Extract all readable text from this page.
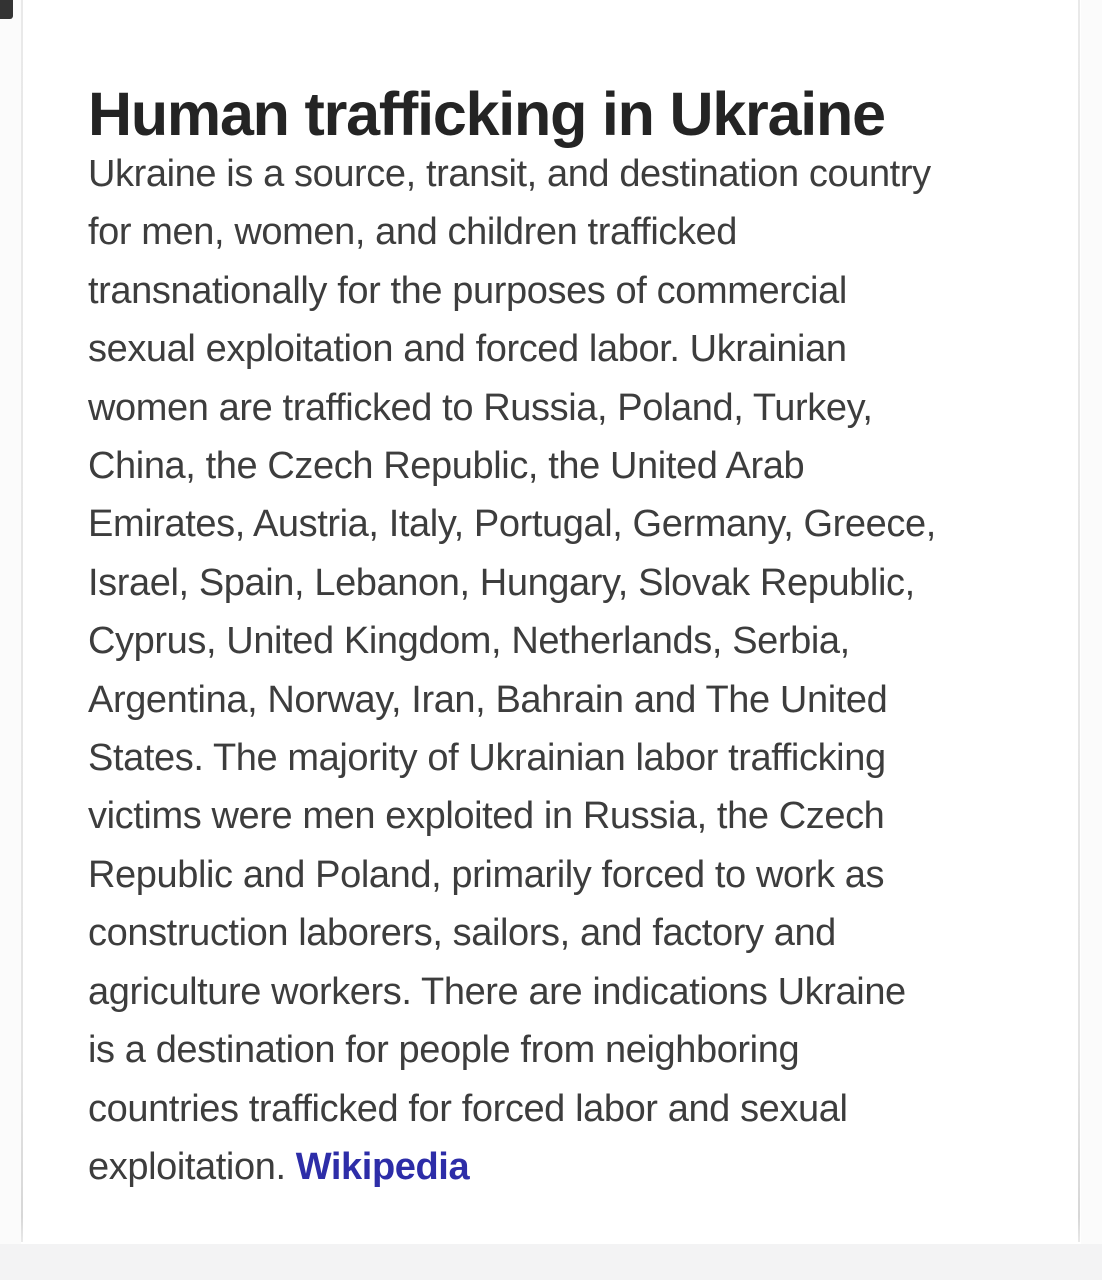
Human trafficking in Ukraine
Ukraine is a source, transit, and destination country
for men, women, and children trafficked
transnationally for the purposes of commercial
sexual exploitation and forced labor. Ukrainian
women are trafficked to Russia, Poland, Turkey,
China, the Czech Republic, the United Arab
Emirates, Austria, Italy, Portugal, Germany, Greece,
Israel, Spain, Lebanon, Hungary, Slovak Republic,
Cyprus, United Kingdom, Netherlands, Serbia,
Argentina, Norway, Iran, Bahrain and The United
States. The majority of Ukrainian labor trafficking
victims were men exploited in Russia, the Czech
Republic and Poland, primarily forced to work as
construction laborers, sailors, and factory and
agriculture workers. There are indications Ukraine
is a destination for people from neighboring
countries trafficked for forced labor and sexual
exploitation. Wikipedia
